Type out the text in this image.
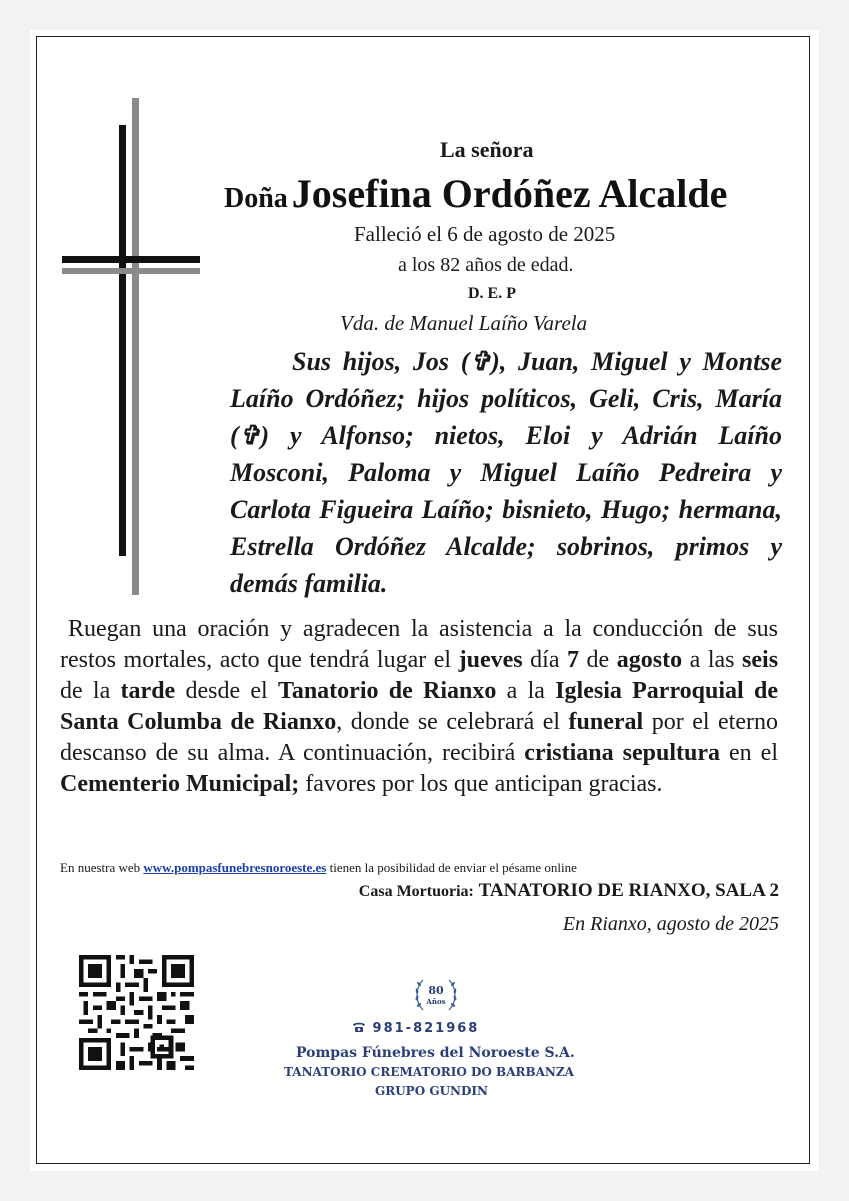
La señora
Doña Josefina Ordóñez Alcalde
Falleció el 6 de agosto de 2025
a los 82 años de edad.
D. E. P
Vda. de Manuel Laíño Varela
Sus hijos, Jos (✞), Juan, Miguel y Montse Laíño Ordóñez; hijos políticos, Geli, Cris, María (✞) y Alfonso; nietos, Eloi y Adrián Laíño Mosconi, Paloma y Miguel Laíño Pedreira y Carlota Figueira Laíño; bisnieto, Hugo; hermana, Estrella Ordóñez Alcalde; sobrinos, primos y demás familia.
Ruegan una oración y agradecen la asistencia a la conducción de sus restos mortales, acto que tendrá lugar el jueves día 7 de agosto a las seis de la tarde desde el Tanatorio de Rianxo a la Iglesia Parroquial de Santa Columba de Rianxo, donde se celebrará el funeral por el eterno descanso de su alma. A continuación, recibirá cristiana sepultura en el Cementerio Municipal; favores por los que anticipan gracias.
En nuestra web www.pompasfunebresnoroeste.es tienen la posibilidad de enviar el pésame online
Casa Mortuoria: TANATORIO DE RIANXO, SALA 2
En Rianxo, agosto de 2025
80
Años
981-821968
Pompas Fúnebres del Noroeste S.A.
TANATORIO CREMATORIO DO BARBANZA
GRUPO GUNDIN
